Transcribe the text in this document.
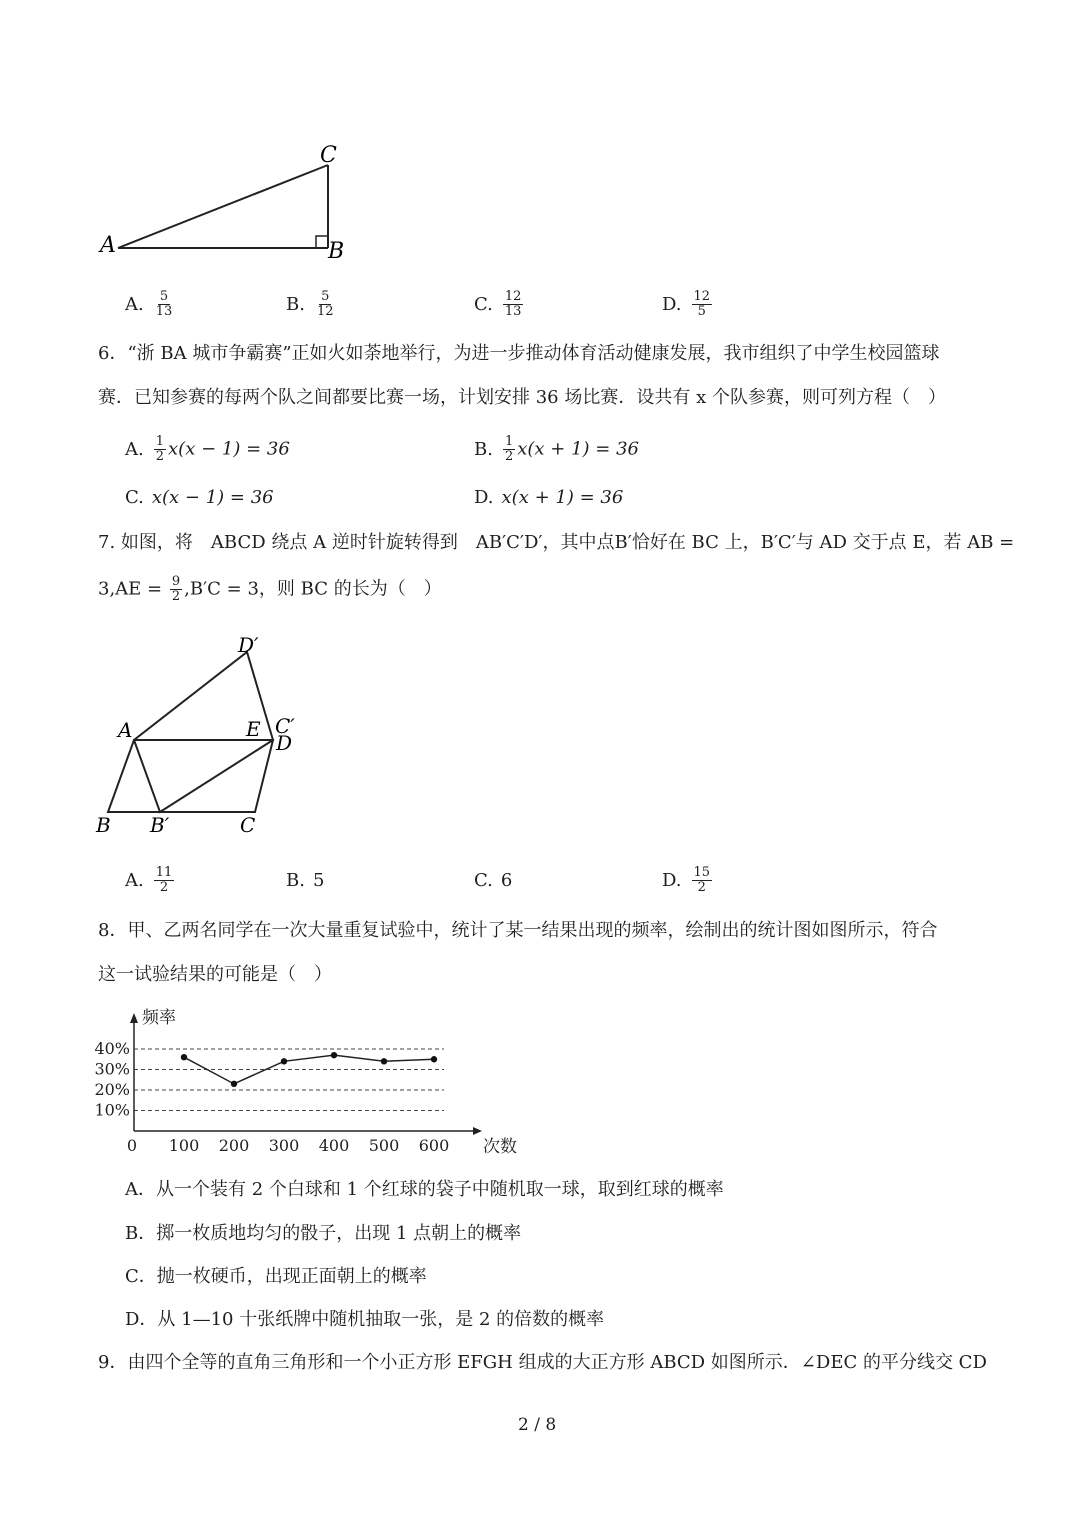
A	B
C
A. $\frac{5}{13}$	B. $\frac{5}{12}$	C. $\frac{12}{13}$	D. $\frac{12}{5}$
6．“浙 BA 城市争霸赛”正如火如荼地举行，为进一步推动体育活动健康发展，我市组织了中学生校园篮球
赛．已知参赛的每两个队之间都要比赛一场，计划安排 36 场比赛．设共有 x 个队参赛，则可列方程（　）
A. $\frac{1}{2} x(x - 1) = 36$	B. $\frac{1}{2} x(x + 1) = 36$
C. x(x − 1) = 36	D. x(x + 1) = 36
7. 如图，将　ABCD 绕点 A 逆时针旋转得到　AB′C′D′，其中点B′恰好在 BC 上，B′C′与 AD 交于点 E，若 AB =
$3,AE = \frac{9}{2} ,B'C = 3$，则 BC 的长为（　）
A
B B′	C
D
E C′
D′
A. $\frac{11}{2}$	B. 5	C. 6	D. $\frac{15}{2}$
8．甲、乙两名同学在一次大量重复试验中，统计了某一结果出现的频率，绘制出的统计图如图所示，符合
这一试验结果的可能是（　）
10%
20%
30%
40%
频率
次数
0 100 200 300 400 500 600
A．从一个装有 2 个白球和 1 个红球的袋子中随机取一球，取到红球的概率
B．掷一枚质地均匀的骰子，出现 1 点朝上的概率
C．抛一枚硬币，出现正面朝上的概率
D．从 1—10 十张纸牌中随机抽取一张，是 2 的倍数的概率
9．由四个全等的直角三角形和一个小正方形 EFGH 组成的大正方形 ABCD 如图所示．∠DEC 的平分线交 CD
2 / 8
